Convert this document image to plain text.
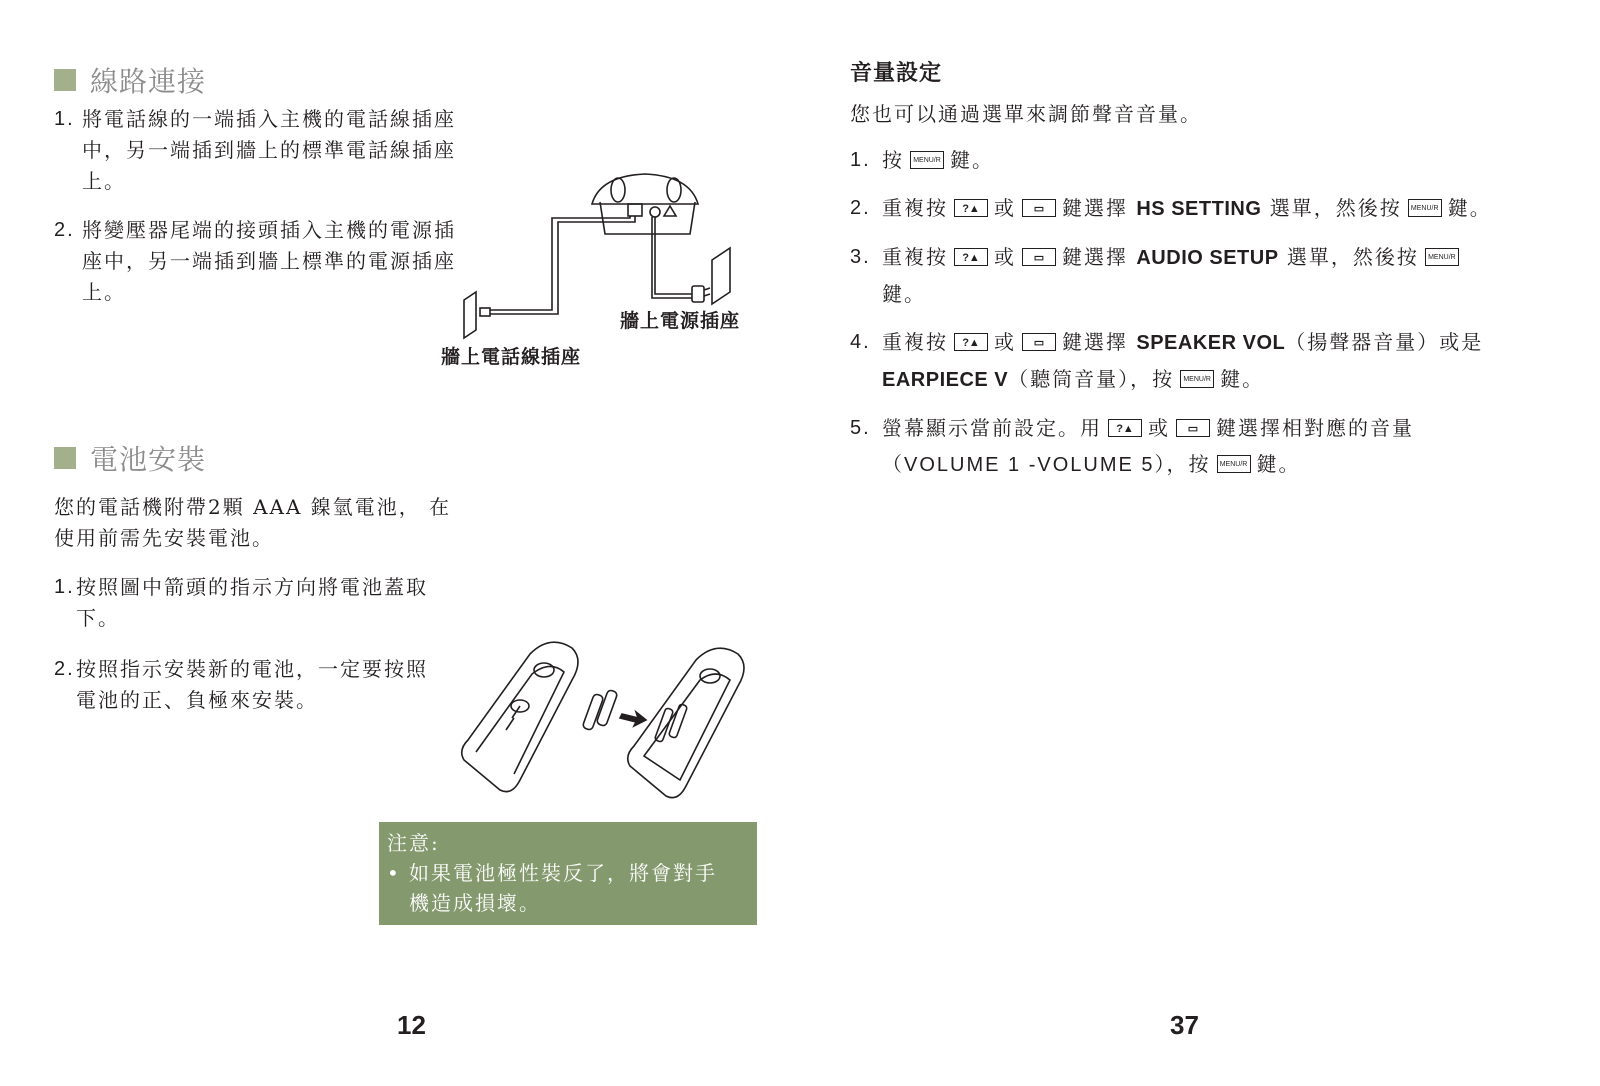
線路連接
1. 將電話線的一端插入主機的電話線插座
中，另一端插到牆上的標準電話線插座
上。
2. 將變壓器尾端的接頭插入主機的電源插
座中，另一端插到牆上標準的電源插座
上。
牆上電源插座
牆上電話線插座
電池安裝
您的電話機附帶2顆 AAA 鎳氫電池， 在
使用前需先安裝電池。
1. 按照圖中箭頭的指示方向將電池蓋取
下。
2. 按照指示安裝新的電池，一定要按照
電池的正、負極來安裝。
注意:
• 如果電池極性裝反了，將會對手
機造成損壞。
12
音量設定
您也可以通過選單來調節聲音音量。
1. 按 MENU/R 鍵。
2. 重複按 ?▲ 或 ▭ 鍵選擇 HS SETTING 選單，然後按 MENU/R 鍵。
3. 重複按 ?▲ 或 ▭ 鍵選擇 AUDIO SETUP 選單，然後按 MENU/R
鍵。
4. 重複按 ?▲ 或 ▭ 鍵選擇 SPEAKER VOL（揚聲器音量）或是
EARPIECE V（聽筒音量），按 MENU/R 鍵。
5. 螢幕顯示當前設定。用 ?▲ 或 ▭ 鍵選擇相對應的音量
（VOLUME 1 -VOLUME 5），按 MENU/R 鍵。
37
